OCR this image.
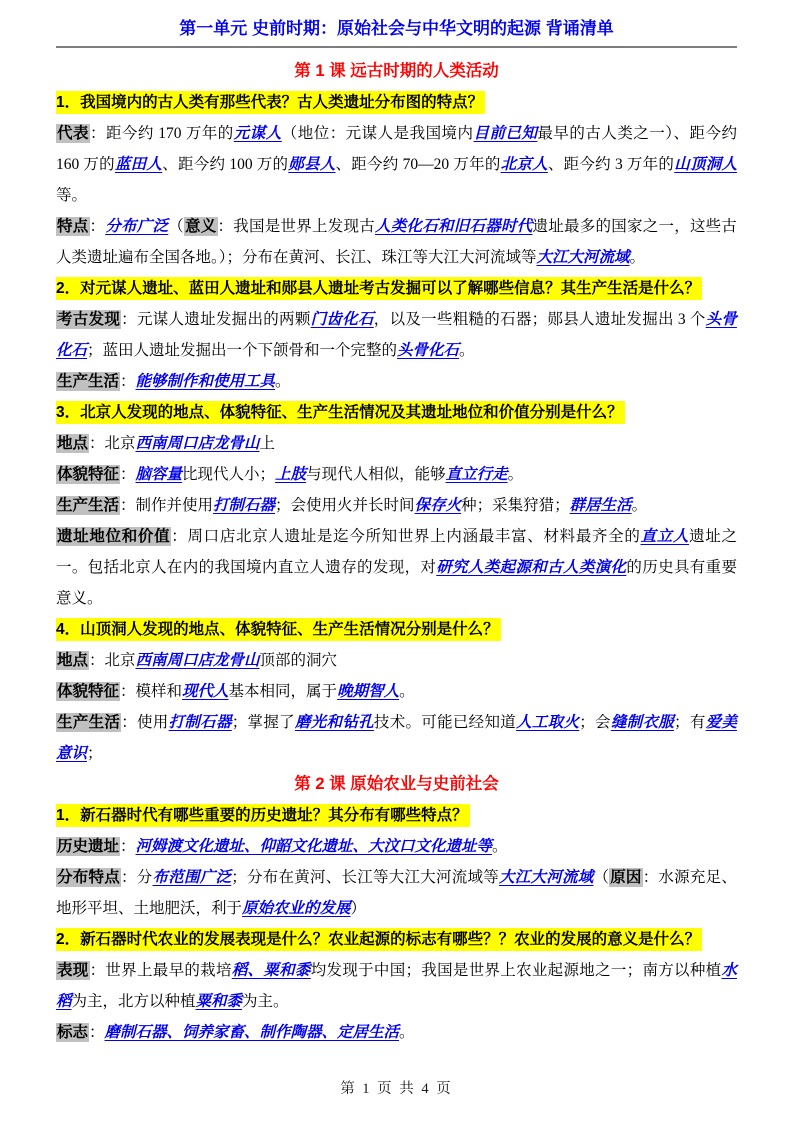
第一单元 史前时期：原始社会与中华文明的起源 背诵清单

第 1 课 远古时期的人类活动

1．我国境内的古人类有那些代表？古人类遗址分布图的特点？

代表：距今约 170 万年的元谋人（地位：元谋人是我国境内目前已知最早的古人类之一）、距今约 160 万的蓝田人、距今约 100 万的郧县人、距今约 70—20 万年的北京人、距今约 3 万年的山顶洞人等。

特点：分布广泛（意义：我国是世界上发现古人类化石和旧石器时代遗址最多的国家之一，这些古人类遗址遍布全国各地。）；分布在黄河、长江、珠江等大江大河流域等大江大河流域。

2．对元谋人遗址、蓝田人遗址和郧县人遗址考古发掘可以了解哪些信息？其生产生活是什么？

考古发现：元谋人遗址发掘出的两颗门齿化石，以及一些粗糙的石器；郧县人遗址发掘出 3 个头骨化石；蓝田人遗址发掘出一个下颌骨和一个完整的头骨化石。

生产生活：能够制作和使用工具。

3．北京人发现的地点、体貌特征、生产生活情况及其遗址地位和价值分别是什么？

地点：北京西南周口店龙骨山上

体貌特征：脑容量比现代人小；上肢与现代人相似，能够直立行走。

生产生活：制作并使用打制石器；会使用火并长时间保存火种；采集狩猎；群居生活。

遗址地位和价值：周口店北京人遗址是迄今所知世界上内涵最丰富、材料最齐全的直立人遗址之一。包括北京人在内的我国境内直立人遗存的发现，对研究人类起源和古人类演化的历史具有重要意义。

4．山顶洞人发现的地点、体貌特征、生产生活情况分别是什么？

地点：北京西南周口店龙骨山顶部的洞穴

体貌特征：模样和现代人基本相同，属于晚期智人。

生产生活：使用打制石器；掌握了磨光和钻孔技术。可能已经知道人工取火；会缝制衣服；有爱美意识；

第 2 课 原始农业与史前社会

1．新石器时代有哪些重要的历史遗址？其分布有哪些特点？

历史遗址：河姆渡文化遗址、仰韶文化遗址、大汶口文化遗址等。

分布特点：分布范围广泛；分布在黄河、长江等大江大河流域等大江大河流域（原因：水源充足、地形平坦、土地肥沃，利于原始农业的发展）

2．新石器时代农业的发展表现是什么？农业起源的标志有哪些？？农业的发展的意义是什么？

表现：世界上最早的栽培稻、粟和黍均发现于中国；我国是世界上农业起源地之一；南方以种植水稻为主，北方以种植粟和黍为主。

标志：磨制石器、饲养家畜、制作陶器、定居生活。

第 1 页 共 4 页
